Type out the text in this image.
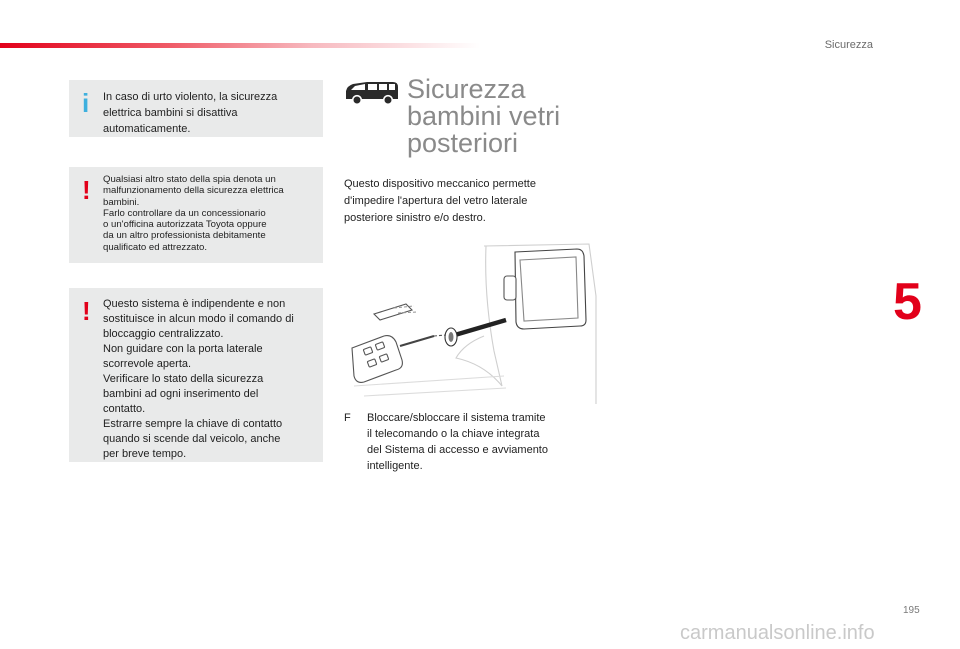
Sicurezza
5
i In caso di urto violento, la sicurezza
elettrica bambini si disattiva
automaticamente.
! Qualsiasi altro stato della spia denota un
malfunzionamento della sicurezza elettrica
bambini.
Farlo controllare da un concessionario
o un'officina autorizzata Toyota oppure
da un altro professionista debitamente
qualificato ed attrezzato.
! Questo sistema è indipendente e non
sostituisce in alcun modo il comando di
bloccaggio centralizzato.
Non guidare con la porta laterale
scorrevole aperta.
Verificare lo stato della sicurezza
bambini ad ogni inserimento del
contatto.
Estrarre sempre la chiave di contatto
quando si scende dal veicolo, anche
per breve tempo.
Sicurezza
bambini vetri
posteriori
Questo dispositivo meccanico permette
d'impedire l'apertura del vetro laterale
posteriore sinistro e/o destro.
F Bloccare/sbloccare il sistema tramite
il telecomando o la chiave integrata
del Sistema di accesso e avviamento
intelligente.
195
carmanualsonline.info
